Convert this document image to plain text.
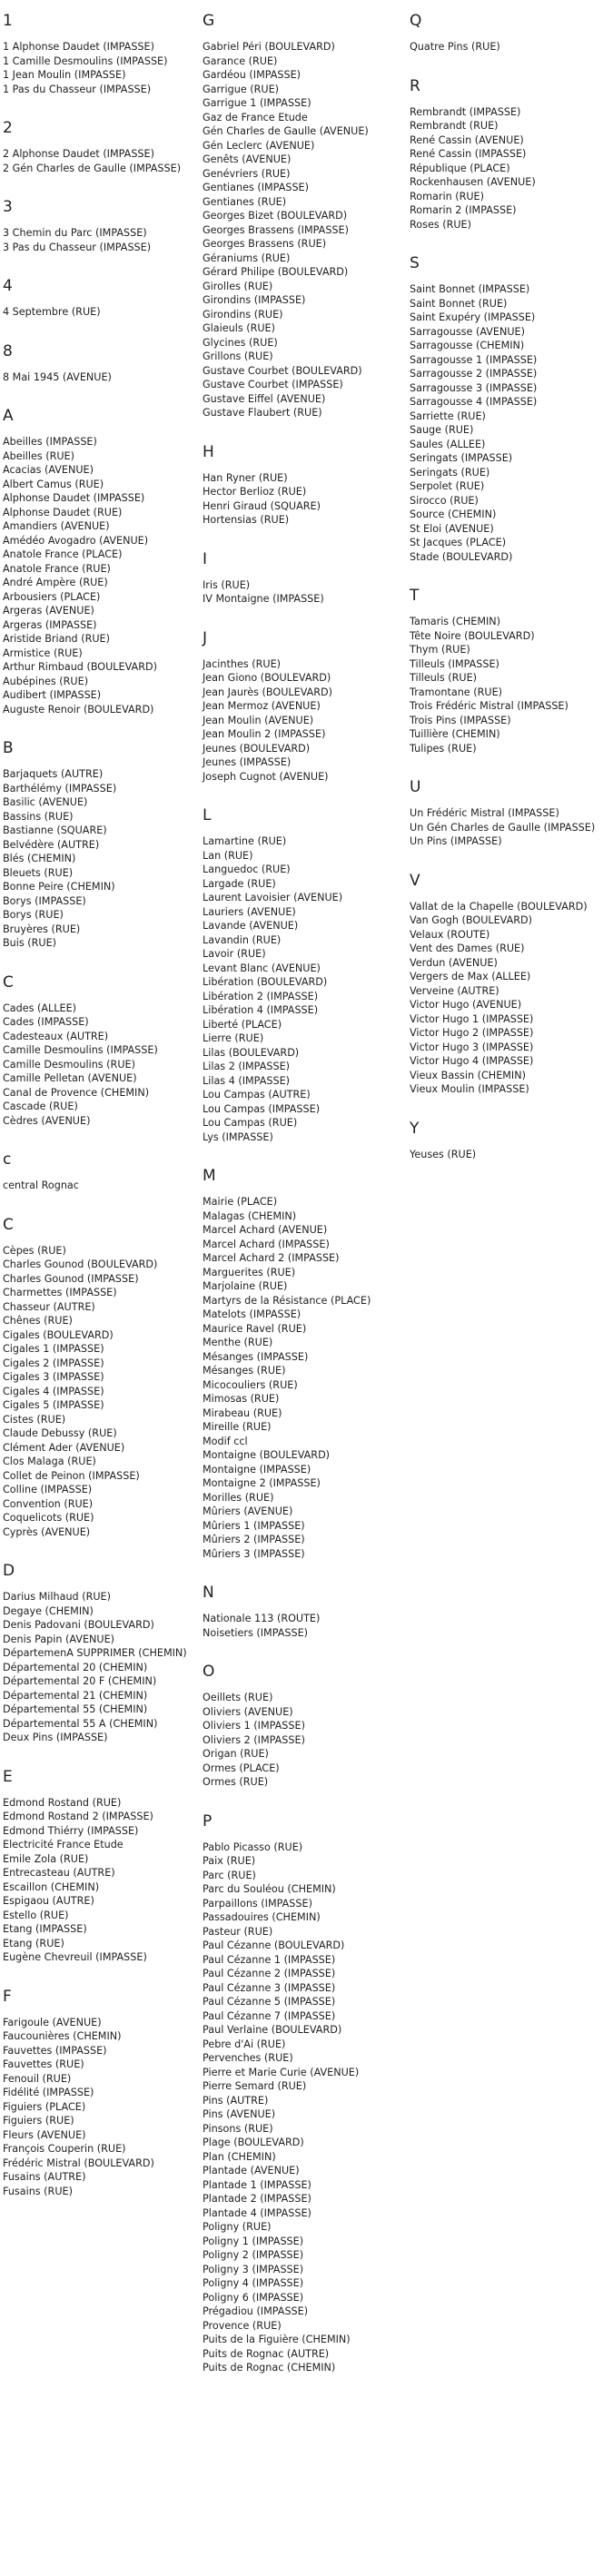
1
1 Alphonse Daudet (IMPASSE)
1 Camille Desmoulins (IMPASSE)
1 Jean Moulin (IMPASSE)
1 Pas du Chasseur (IMPASSE)
2
2 Alphonse Daudet (IMPASSE)
2 Gén Charles de Gaulle (IMPASSE)
3
3 Chemin du Parc (IMPASSE)
3 Pas du Chasseur (IMPASSE)
4
4 Septembre (RUE)
8
8 Mai 1945 (AVENUE)
A
Abeilles (IMPASSE)
Abeilles (RUE)
Acacias (AVENUE)
Albert Camus (RUE)
Alphonse Daudet (IMPASSE)
Alphonse Daudet (RUE)
Amandiers (AVENUE)
Amédéo Avogadro (AVENUE)
Anatole France (PLACE)
Anatole France (RUE)
André Ampère (RUE)
Arbousiers (PLACE)
Argeras (AVENUE)
Argeras (IMPASSE)
Aristide Briand (RUE)
Armistice (RUE)
Arthur Rimbaud (BOULEVARD)
Aubépines (RUE)
Audibert (IMPASSE)
Auguste Renoir (BOULEVARD)
B
Barjaquets (AUTRE)
Barthélémy (IMPASSE)
Basilic (AVENUE)
Bassins (RUE)
Bastianne (SQUARE)
Belvédère (AUTRE)
Blés (CHEMIN)
Bleuets (RUE)
Bonne Peire (CHEMIN)
Borys (IMPASSE)
Borys (RUE)
Bruyères (RUE)
Buis (RUE)
C
Cades (ALLEE)
Cades (IMPASSE)
Cadesteaux (AUTRE)
Camille Desmoulins (IMPASSE)
Camille Desmoulins (RUE)
Camille Pelletan (AVENUE)
Canal de Provence (CHEMIN)
Cascade (RUE)
Cèdres (AVENUE)
c
central Rognac
C
Cèpes (RUE)
Charles Gounod (BOULEVARD)
Charles Gounod (IMPASSE)
Charmettes (IMPASSE)
Chasseur (AUTRE)
Chênes (RUE)
Cigales (BOULEVARD)
Cigales 1 (IMPASSE)
Cigales 2 (IMPASSE)
Cigales 3 (IMPASSE)
Cigales 4 (IMPASSE)
Cigales 5 (IMPASSE)
Cistes (RUE)
Claude Debussy (RUE)
Clément Ader (AVENUE)
Clos Malaga (RUE)
Collet de Peinon (IMPASSE)
Colline (IMPASSE)
Convention (RUE)
Coquelicots (RUE)
Cyprès (AVENUE)
D
Darius Milhaud (RUE)
Degaye (CHEMIN)
Denis Padovani (BOULEVARD)
Denis Papin (AVENUE)
DépartemenA SUPPRIMER (CHEMIN)
Départemental 20 (CHEMIN)
Départemental 20 F (CHEMIN)
Départemental 21 (CHEMIN)
Départemental 55 (CHEMIN)
Départemental 55 A (CHEMIN)
Deux Pins (IMPASSE)
E
Edmond Rostand (RUE)
Edmond Rostand 2 (IMPASSE)
Edmond Thiérry (IMPASSE)
Electricité France Etude
Emile Zola (RUE)
Entrecasteau (AUTRE)
Escaillon (CHEMIN)
Espigaou (AUTRE)
Estello (RUE)
Etang (IMPASSE)
Etang (RUE)
Eugène Chevreuil (IMPASSE)
F
Farigoule (AVENUE)
Faucounières (CHEMIN)
Fauvettes (IMPASSE)
Fauvettes (RUE)
Fenouil (RUE)
Fidélité (IMPASSE)
Figuiers (PLACE)
Figuiers (RUE)
Fleurs (AVENUE)
François Couperin (RUE)
Frédéric Mistral (BOULEVARD)
Fusains (AUTRE)
Fusains (RUE)
G
Gabriel Péri (BOULEVARD)
Garance (RUE)
Gardéou (IMPASSE)
Garrigue (RUE)
Garrigue 1 (IMPASSE)
Gaz de France Etude
Gén Charles de Gaulle (AVENUE)
Gén Leclerc (AVENUE)
Genêts (AVENUE)
Genévriers (RUE)
Gentianes (IMPASSE)
Gentianes (RUE)
Georges Bizet (BOULEVARD)
Georges Brassens (IMPASSE)
Georges Brassens (RUE)
Géraniums (RUE)
Gérard Philipe (BOULEVARD)
Girolles (RUE)
Girondins (IMPASSE)
Girondins (RUE)
Glaieuls (RUE)
Glycines (RUE)
Grillons (RUE)
Gustave Courbet (BOULEVARD)
Gustave Courbet (IMPASSE)
Gustave Eiffel (AVENUE)
Gustave Flaubert (RUE)
H
Han Ryner (RUE)
Hector Berlioz (RUE)
Henri Giraud (SQUARE)
Hortensias (RUE)
I
Iris (RUE)
IV Montaigne (IMPASSE)
J
Jacinthes (RUE)
Jean Giono (BOULEVARD)
Jean Jaurès (BOULEVARD)
Jean Mermoz (AVENUE)
Jean Moulin (AVENUE)
Jean Moulin 2 (IMPASSE)
Jeunes (BOULEVARD)
Jeunes (IMPASSE)
Joseph Cugnot (AVENUE)
L
Lamartine (RUE)
Lan (RUE)
Languedoc (RUE)
Largade (RUE)
Laurent Lavoisier (AVENUE)
Lauriers (AVENUE)
Lavande (AVENUE)
Lavandin (RUE)
Lavoir (RUE)
Levant Blanc (AVENUE)
Libération (BOULEVARD)
Libération 2 (IMPASSE)
Libération 4 (IMPASSE)
Liberté (PLACE)
Lierre (RUE)
Lilas (BOULEVARD)
Lilas 2 (IMPASSE)
Lilas 4 (IMPASSE)
Lou Campas (AUTRE)
Lou Campas (IMPASSE)
Lou Campas (RUE)
Lys (IMPASSE)
M
Mairie (PLACE)
Malagas (CHEMIN)
Marcel Achard (AVENUE)
Marcel Achard (IMPASSE)
Marcel Achard 2 (IMPASSE)
Marguerites (RUE)
Marjolaine (RUE)
Martyrs de la Résistance (PLACE)
Matelots (IMPASSE)
Maurice Ravel (RUE)
Menthe (RUE)
Mésanges (IMPASSE)
Mésanges (RUE)
Micocouliers (RUE)
Mimosas (RUE)
Mirabeau (RUE)
Mireille (RUE)
Modif ccl
Montaigne (BOULEVARD)
Montaigne (IMPASSE)
Montaigne 2 (IMPASSE)
Morilles (RUE)
Mûriers (AVENUE)
Mûriers 1 (IMPASSE)
Mûriers 2 (IMPASSE)
Mûriers 3 (IMPASSE)
N
Nationale 113 (ROUTE)
Noisetiers (IMPASSE)
O
Oeillets (RUE)
Oliviers (AVENUE)
Oliviers 1 (IMPASSE)
Oliviers 2 (IMPASSE)
Origan (RUE)
Ormes (PLACE)
Ormes (RUE)
P
Pablo Picasso (RUE)
Paix (RUE)
Parc (RUE)
Parc du Souléou (CHEMIN)
Parpaillons (IMPASSE)
Passadouires (CHEMIN)
Pasteur (RUE)
Paul Cézanne (BOULEVARD)
Paul Cézanne 1 (IMPASSE)
Paul Cézanne 2 (IMPASSE)
Paul Cézanne 3 (IMPASSE)
Paul Cézanne 5 (IMPASSE)
Paul Cézanne 7 (IMPASSE)
Paul Verlaine (BOULEVARD)
Pebre d'Ai (RUE)
Pervenches (RUE)
Pierre et Marie Curie (AVENUE)
Pierre Semard (RUE)
Pins (AUTRE)
Pins (AVENUE)
Pinsons (RUE)
Plage (BOULEVARD)
Plan (CHEMIN)
Plantade (AVENUE)
Plantade 1 (IMPASSE)
Plantade 2 (IMPASSE)
Plantade 4 (IMPASSE)
Poligny (RUE)
Poligny 1 (IMPASSE)
Poligny 2 (IMPASSE)
Poligny 3 (IMPASSE)
Poligny 4 (IMPASSE)
Poligny 6 (IMPASSE)
Prégadiou (IMPASSE)
Provence (RUE)
Puits de la Figuière (CHEMIN)
Puits de Rognac (AUTRE)
Puits de Rognac (CHEMIN)
Q
Quatre Pins (RUE)
R
Rembrandt (IMPASSE)
Rembrandt (RUE)
René Cassin (AVENUE)
René Cassin (IMPASSE)
République (PLACE)
Rockenhausen (AVENUE)
Romarin (RUE)
Romarin 2 (IMPASSE)
Roses (RUE)
S
Saint Bonnet (IMPASSE)
Saint Bonnet (RUE)
Saint Exupéry (IMPASSE)
Sarragousse (AVENUE)
Sarragousse (CHEMIN)
Sarragousse 1 (IMPASSE)
Sarragousse 2 (IMPASSE)
Sarragousse 3 (IMPASSE)
Sarragousse 4 (IMPASSE)
Sarriette (RUE)
Sauge (RUE)
Saules (ALLEE)
Seringats (IMPASSE)
Seringats (RUE)
Serpolet (RUE)
Sirocco (RUE)
Source (CHEMIN)
St Eloi (AVENUE)
St Jacques (PLACE)
Stade (BOULEVARD)
T
Tamaris (CHEMIN)
Tête Noire (BOULEVARD)
Thym (RUE)
Tilleuls (IMPASSE)
Tilleuls (RUE)
Tramontane (RUE)
Trois Frédéric Mistral (IMPASSE)
Trois Pins (IMPASSE)
Tuillière (CHEMIN)
Tulipes (RUE)
U
Un Frédéric Mistral (IMPASSE)
Un Gén Charles de Gaulle (IMPASSE)
Un Pins (IMPASSE)
V
Vallat de la Chapelle (BOULEVARD)
Van Gogh (BOULEVARD)
Velaux (ROUTE)
Vent des Dames (RUE)
Verdun (AVENUE)
Vergers de Max (ALLEE)
Verveine (AUTRE)
Victor Hugo (AVENUE)
Victor Hugo 1 (IMPASSE)
Victor Hugo 2 (IMPASSE)
Victor Hugo 3 (IMPASSE)
Victor Hugo 4 (IMPASSE)
Vieux Bassin (CHEMIN)
Vieux Moulin (IMPASSE)
Y
Yeuses (RUE)
